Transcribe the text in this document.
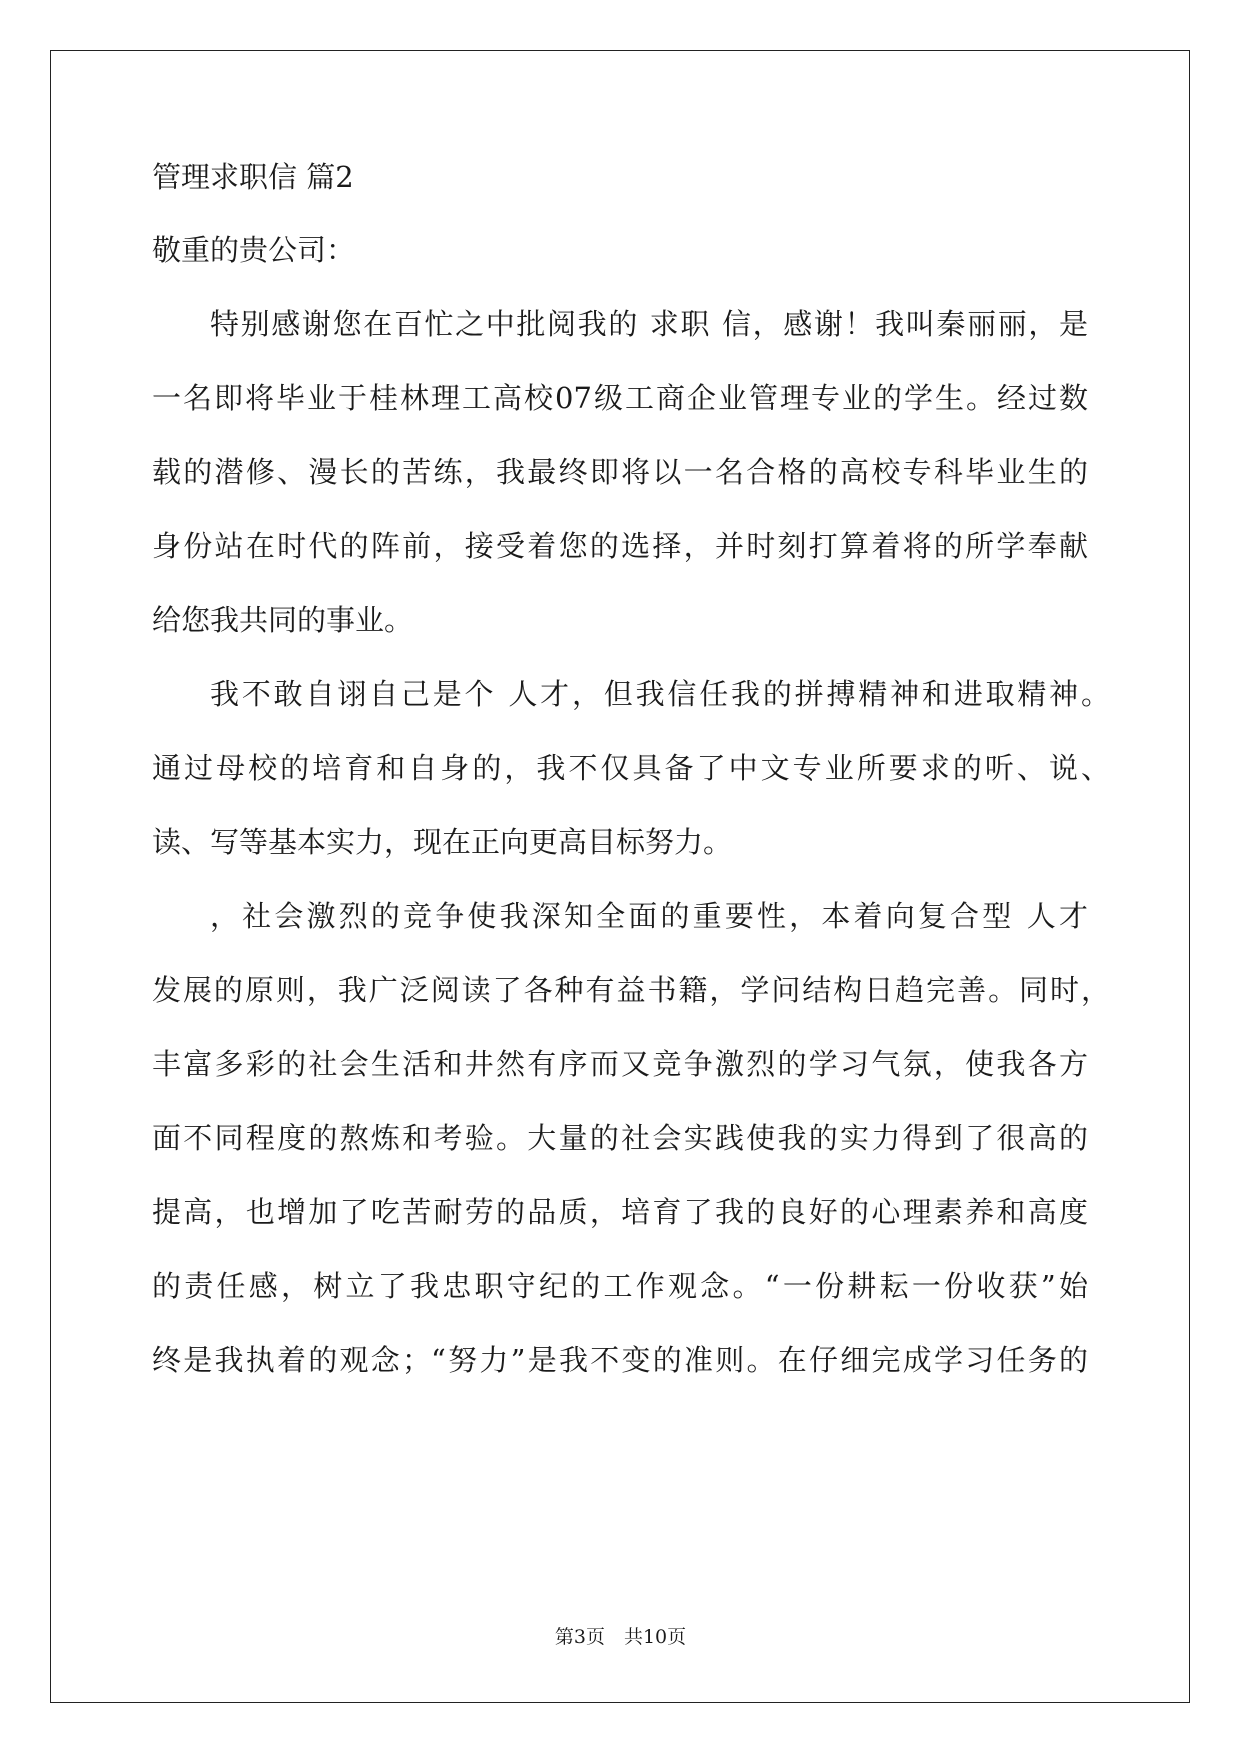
管理求职信 篇2
敬重的贵公司：
特别感谢您在百忙之中批阅我的 求职 信，感谢！我叫秦丽丽，是
一名即将毕业于桂林理工高校07级工商企业管理专业的学生。经过数
载的潜修、漫长的苦练，我最终即将以一名合格的高校专科毕业生的
身份站在时代的阵前，接受着您的选择，并时刻打算着将的所学奉献
给您我共同的事业。
我不敢自诩自己是个 人才，但我信任我的拼搏精神和进取精神。
通过母校的培育和自身的，我不仅具备了中文专业所要求的听、说、
读、写等基本实力，现在正向更高目标努力。
，社会激烈的竞争使我深知全面的重要性，本着向复合型 人才
发展的原则，我广泛阅读了各种有益书籍，学问结构日趋完善。同时，
丰富多彩的社会生活和井然有序而又竞争激烈的学习气氛，使我各方
面不同程度的熬炼和考验。大量的社会实践使我的实力得到了很高的
提高，也增加了吃苦耐劳的品质，培育了我的良好的心理素养和高度
的责任感，树立了我忠职守纪的工作观念。“一份耕耘一份收获”始
终是我执着的观念；“努力”是我不变的准则。在仔细完成学习任务的
第3页　共10页
